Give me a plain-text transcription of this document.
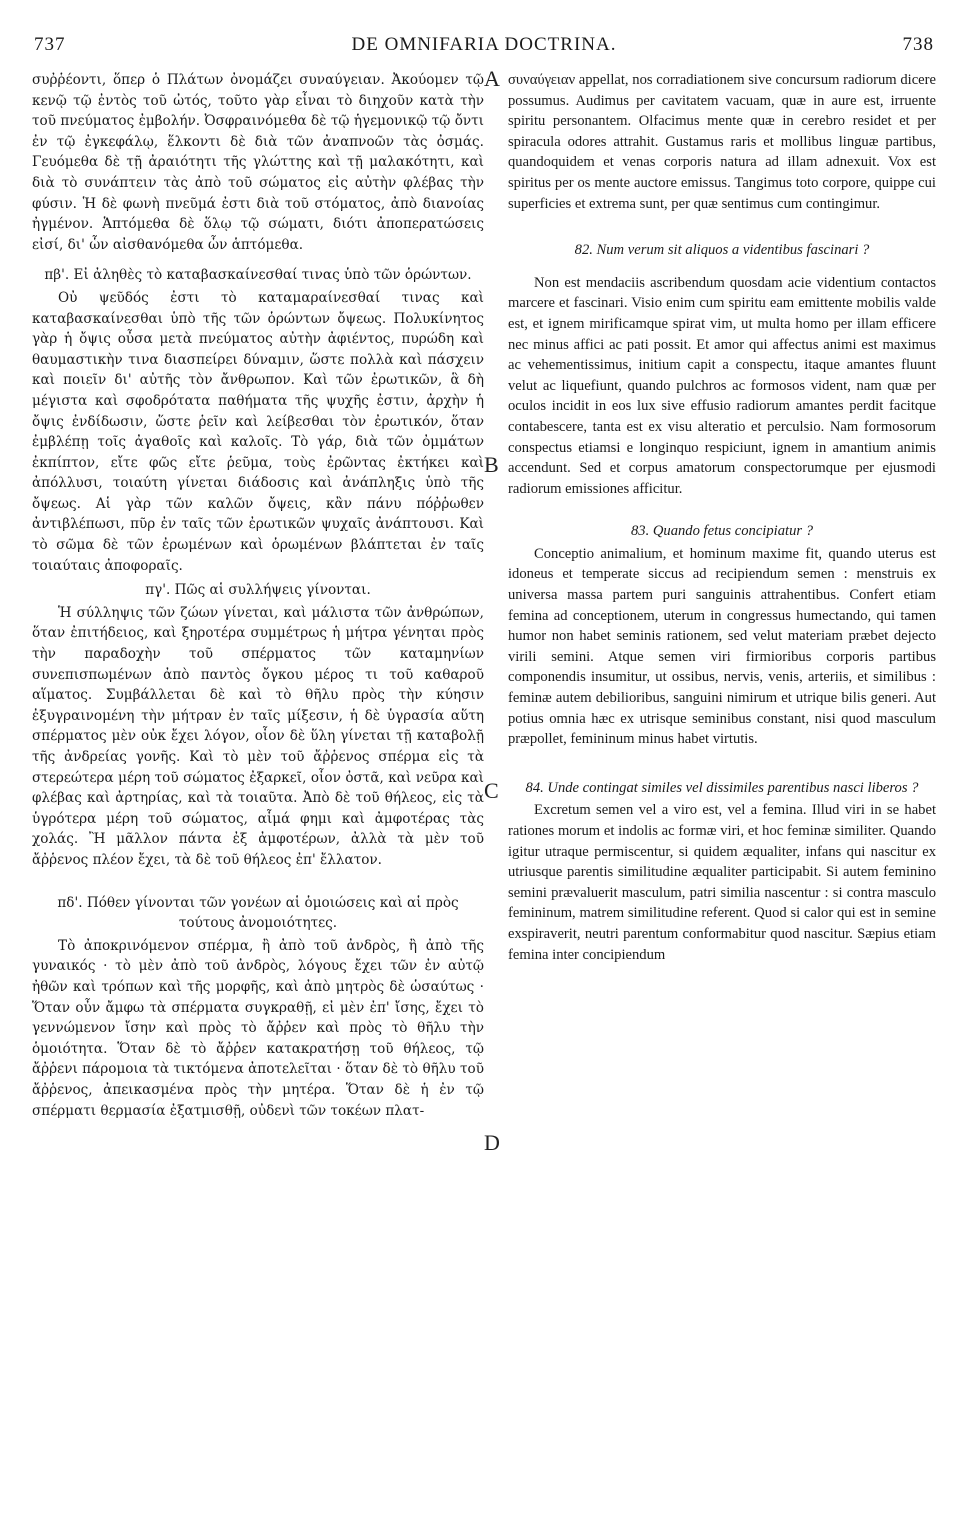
737	DE OMNIFARIA DOCTRINA.	738

συῤῥέοντι, ὅπερ ὁ Πλάτων ὀνομάζει συναύγειαν. Ἀκούομεν τῷ κενῷ τῷ ἐντὸς τοῦ ὠτός, τοῦτο γὰρ εἶναι τὸ διηχοῦν κατὰ τὴν τοῦ πνεύματος ἐμβολήν. Ὀσφραινόμεθα δὲ τῷ ἡγεμονικῷ τῷ ὄντι ἐν τῷ ἐγκεφάλῳ, ἕλκοντι δὲ διὰ τῶν ἀναπνοῶν τὰς ὀσμάς. Γευόμεθα δὲ τῇ ἀραιότητι τῆς γλώττης καὶ τῇ μαλακότητι, καὶ διὰ τὸ συνάπτειν τὰς ἀπὸ τοῦ σώματος εἰς αὐτὴν φλέβας τὴν φύσιν. Ἡ δὲ φωνὴ πνεῦμά ἐστι διὰ τοῦ στόματος, ἀπὸ διανοίας ἠγμένον. Ἁπτόμεθα δὲ ὅλῳ τῷ σώματι, διότι ἀποπερατώσεις εἰσί, δι' ὧν αἰσθανόμεθα ὧν ἁπτόμεθα.

πβ'. Εἰ ἀληθὲς τὸ καταβασκαίνεσθαί τινας ὑπὸ τῶν ὁρώντων.

Οὐ ψεῦδός ἐστι τὸ καταμαραίνεσθαί τινας καὶ καταβασκαίνεσθαι ὑπὸ τῆς τῶν ὁρώντων ὄψεως. Πολυκίνητος γὰρ ἡ ὄψις οὖσα μετὰ πνεύματος αὐτὴν ἀφιέντος, πυρώδη καὶ θαυμαστικὴν τινα διασπείρει δύναμιν, ὥστε πολλὰ καὶ πάσχειν καὶ ποιεῖν δι' αὐτῆς τὸν ἄνθρωπον. Καὶ τῶν ἐρωτικῶν, ἃ δὴ μέγιστα καὶ σφοδρότατα παθήματα τῆς ψυχῆς ἐστιν, ἀρχὴν ἡ ὄψις ἐνδίδωσιν, ὥστε ῥεῖν καὶ λείβεσθαι τὸν ἐρωτικόν, ὅταν ἐμβλέπῃ τοῖς ἀγαθοῖς καὶ καλοῖς. Τὸ γάρ, διὰ τῶν ὀμμάτων ἐκπίπτον, εἴτε φῶς εἴτε ῥεῦμα, τοὺς ἐρῶντας ἐκτήκει καὶ ἀπόλλυσι, τοιαύτη γίνεται διάδοσις καὶ ἀνάπληξις ὑπὸ τῆς ὄψεως. Αἱ γὰρ τῶν καλῶν ὄψεις, κἂν πάνυ πόῤῥωθεν ἀντιβλέπωσι, πῦρ ἐν ταῖς τῶν ἐρωτικῶν ψυχαῖς ἀνάπτουσι. Καὶ τὸ σῶμα δὲ τῶν ἐρωμένων καὶ ὁρωμένων βλάπτεται ἐν ταῖς τοιαύταις ἀποφοραῖς.

πγ'. Πῶς αἱ συλλήψεις γίνονται.

Ἡ σύλληψις τῶν ζώων γίνεται, καὶ μάλιστα τῶν ἀνθρώπων, ὅταν ἐπιτήδειος, καὶ ξηροτέρα συμμέτρως ἡ μήτρα γένηται πρὸς τὴν παραδοχὴν τοῦ σπέρματος τῶν καταμηνίων συνεπισπωμένων ἀπὸ παντὸς ὄγκου μέρος τι τοῦ καθαροῦ αἵματος. Συμβάλλεται δὲ καὶ τὸ θῆλυ πρὸς τὴν κύησιν ἐξυγραινομένη τὴν μήτραν ἐν ταῖς μίξεσιν, ἡ δὲ ὑγρασία αὕτη σπέρματος μὲν οὐκ ἔχει λόγον, οἷον δὲ ὕλη γίνεται τῇ καταβολῇ τῆς ἀνδρείας γονῆς. Καὶ τὸ μὲν τοῦ ἄῤῥενος σπέρμα εἰς τὰ στερεώτερα μέρη τοῦ σώματος ἐξαρκεῖ, οἷον ὀστᾶ, καὶ νεῦρα καὶ φλέβας καὶ ἀρτηρίας, καὶ τὰ τοιαῦτα. Ἀπὸ δὲ τοῦ θήλεος, εἰς τὰ ὑγρότερα μέρη τοῦ σώματος, αἷμά φημι καὶ ἀμφοτέρας τὰς χολάς. Ἢ μᾶλλον πάντα ἐξ ἀμφοτέρων, ἀλλὰ τὰ μὲν τοῦ ἄῤῥενος πλέον ἔχει, τὰ δὲ τοῦ θήλεος ἐπ' ἔλλατον.

πδ'. Πόθεν γίνονται τῶν γονέων αἱ ὁμοιώσεις καὶ αἱ πρὸς τούτους ἀνομοιότητες.

Τὸ ἀποκρινόμενον σπέρμα, ἢ ἀπὸ τοῦ ἀνδρὸς, ἢ ἀπὸ τῆς γυναικός · τὸ μὲν ἀπὸ τοῦ ἀνδρὸς, λόγους ἔχει τῶν ἐν αὐτῷ ἠθῶν καὶ τρόπων καὶ τῆς μορφῆς, καὶ ἀπὸ μητρὸς δὲ ὡσαύτως · Ὅταν οὖν ἄμφω τὰ σπέρματα συγκραθῇ, εἰ μὲν ἐπ' ἴσης, ἔχει τὸ γεννώμενον ἴσην καὶ πρὸς τὸ ἄῤῥεν καὶ πρὸς τὸ θῆλυ τὴν ὁμοιότητα. Ὅταν δὲ τὸ ἄῤῥεν κατακρατήσῃ τοῦ θήλεος, τῷ ἄῤῥενι πάρομοια τὰ τικτόμενα ἀποτελεῖται · ὅταν δὲ τὸ θῆλυ τοῦ ἄῤῥενος, ἀπεικασμένα πρὸς τὴν μητέρα. Ὅταν δὲ ἡ ἐν τῷ σπέρματι θερμασία ἐξατμισθῇ, οὐδενὶ τῶν τοκέων πλατ-

A
B
C
D

συναύγειαν appellat, nos corradiationem sive concursum radiorum dicere possumus. Audimus per cavitatem vacuam, quæ in aure est, irruente spiritu personantem. Olfacimus mente quæ in cerebro residet et per spiracula odores attrahit. Gustamus raris et mollibus linguæ partibus, quandoquidem et venas corporis natura ad illam adnexuit. Vox est spiritus per os mente auctore emissus. Tangimus toto corpore, quippe cui superficies et extrema sunt, per quæ sentimus cum contingimur.

82. Num verum sit aliquos a videntibus fascinari ?

Non est mendaciis ascribendum quosdam acie videntium contactos marcere et fascinari. Visio enim cum spiritu eam emittente mobilis valde est, et ignem mirificamque spirat vim, ut multa homo per illam efficere nec minus affici ac pati possit. Et amor qui affectus animi est maximus ac vehementissimus, initium capit a conspectu, itaque amantes fluunt velut ac liquefiunt, quando pulchros ac formosos vident, nam quæ per oculos incidit in eos lux sive effusio radiorum amantes perdit facitque contabescere, tanta est ex visu alteratio et perculsio. Nam formosorum conspectus etiamsi e longinquo respiciunt, ignem in amantium animis accendunt. Sed et corpus amatorum conspectorumque per ejusmodi radiorum emissiones afficitur.

83. Quando fetus concipiatur ?

Conceptio animalium, et hominum maxime fit, quando uterus est idoneus et temperate siccus ad recipiendum semen : menstruis ex universa massa partem puri sanguinis attrahentibus. Confert etiam femina ad conceptionem, uterum in congressus humectando, qui tamen humor non habet seminis rationem, sed velut materiam præbet dejecto virili semini. Atque semen viri firmioribus corporis partibus componendis insumitur, ut ossibus, nervis, venis, arteriis, et similibus : feminæ autem debilioribus, sanguini nimirum et utrique bilis generi. Aut potius omnia hæc ex utrisque seminibus constant, nisi quod masculum præpollet, femininum minus habet virtutis.

84. Unde contingat similes vel dissimiles parentibus nasci liberos ?

Excretum semen vel a viro est, vel a femina. Illud viri in se habet rationes morum et indolis ac formæ viri, et hoc feminæ similiter. Quando igitur utraque permiscentur, si quidem æqualiter, infans qui nascitur ex utriusque parentis similitudine æqualiter participabit. Si autem feminino semini prævaluerit masculum, patri similia nascentur : si contra masculo femininum, matrem similitudine referent. Quod si calor qui est in semine exspiraverit, neutri parentum conformabitur quod nascitur. Sæpius etiam femina inter concipiendum
